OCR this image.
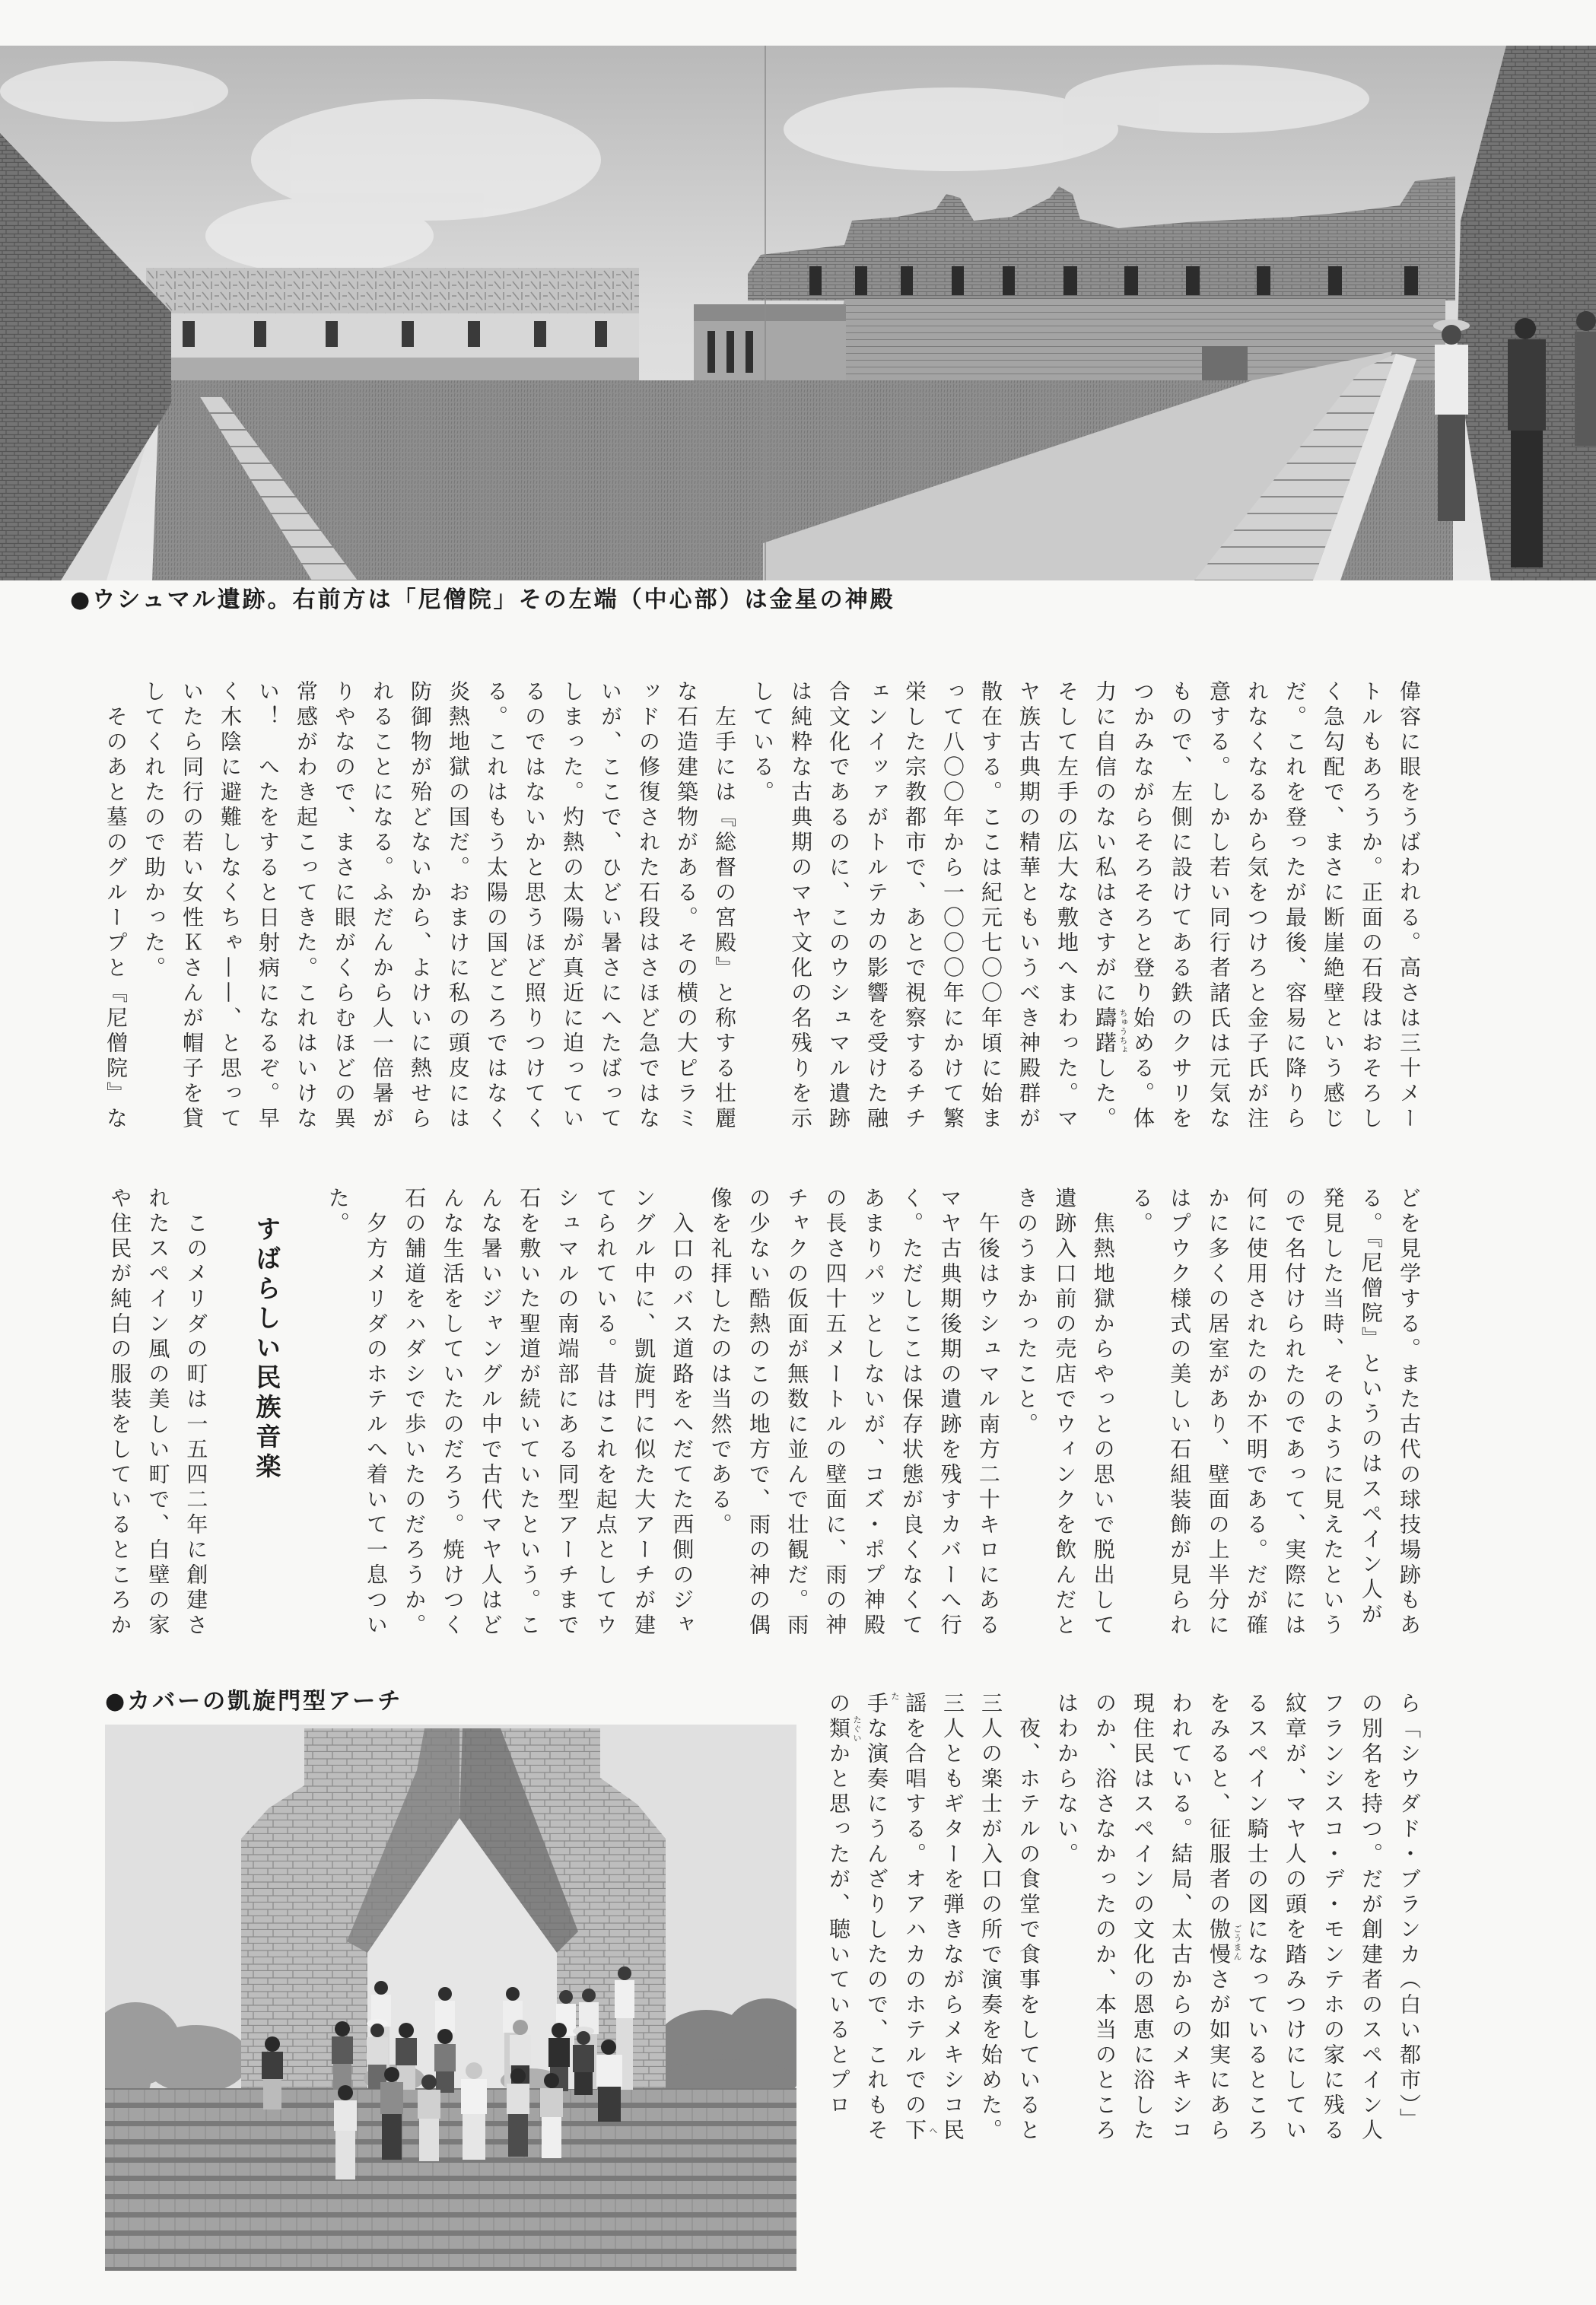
●ウシュマル遺跡。右前方は「尼僧院」その左端（中心部）は金星の神殿
偉容に眼をうばわれる。高さは三十メー
トルもあろうか。正面の石段はおそろし
く急勾配で、まさに断崖絶壁という感じ
だ。これを登ったが最後、容易に降りら
れなくなるから気をつけろと金子氏が注
意する。しかし若い同行者諸氏は元気な
もので、左側に設けてある鉄のクサリを
つかみながらそろそろと登り始める。体
力に自信のない私はさすがに躊躇 ちゅうちょ
した。
そして左手の広大な敷地へまわった。マ
ヤ族古典期の精華ともいうべき神殿群が
散在する。ここは紀元七〇〇年頃に始ま
って八〇〇年から一〇〇〇年にかけて繁
栄した宗教都市で、あとで視察するチチ
ェンイッァがトルテカの影響を受けた融
合文化であるのに、このウシュマル遺跡
は純粋な古典期のマヤ文化の名残りを示
している。
　左手には『総督の宮殿』と称する壮麗
な石造建築物がある。その横の大ピラミ
ッドの修復された石段はさほど急ではな
いが、ここで、ひどい暑さにへたばって
しまった。灼熱の太陽が真近に迫ってい
るのではないかと思うほど照りつけてく
る。これはもう太陽の国どころではなく
炎熱地獄の国だ。おまけに私の頭皮には
防御物が殆どないから、よけいに熱せら
れることになる。ふだんから人一倍暑が
りやなので、まさに眼がくらむほどの異
常感がわき起こってきた。これはいけな
い！　へたをすると日射病になるぞ。早
く木陰に避難しなくちゃ——、と思って
いたら同行の若い女性Ｋさんが帽子を貸
してくれたので助かった。
　そのあと墓のグループと『尼僧院』な
どを見学する。また古代の球技場跡もあ
る。『尼僧院』というのはスペイン人が
発見した当時、そのように見えたという
ので名付けられたのであって、実際には
何に使用されたのか不明である。だが確
かに多くの居室があり、壁面の上半分に
はプウク様式の美しい石組装飾が見られ
る。
　焦熱地獄からやっとの思いで脱出して
遺跡入口前の売店でウィンクを飲んだと
きのうまかったこと。
　午後はウシュマル南方二十キロにある
マヤ古典期後期の遺跡を残すカバーへ行
く。ただしここは保存状態が良くなくて
あまりパッとしないが、コズ・ポプ神殿
の長さ四十五メートルの壁面に、雨の神
チャクの仮面が無数に並んで壮観だ。雨
の少ない酷熱のこの地方で、雨の神の偶
像を礼拝したのは当然である。
　入口のバス道路をへだてた西側のジャ
ングル中に、凱旋門に似た大アーチが建
てられている。昔はこれを起点としてウ
シュマルの南端部にある同型アーチまで
石を敷いた聖道が続いていたという。こ
んな暑いジャングル中で古代マヤ人はど
んな生活をしていたのだろう。焼けつく
石の舗道をハダシで歩いたのだろうか。
　夕方メリダのホテルへ着いて一息つい
た。
すばらしい民族音楽
　このメリダの町は一五四二年に創建さ
れたスペイン風の美しい町で、白壁の家
や住民が純白の服装をしているところか
●カバーの凱旋門型アーチ	ら「シウダド・ブランカ（白い都市）」
の別名を持つ。だが創建者のスペイン人
フランシスコ・デ・モンテホの家に残る
紋章が、マヤ人の頭を踏みつけにしてい
るスペイン騎士の図になっているところ
をみると、征服者の傲慢 ごうまん
さが如実にあら
われている。結局、太古からのメキシコ
現住民はスペインの文化の恩恵に浴した
のか、浴さなかったのか、本当のところ
はわからない。
　夜、ホテルの食堂で食事をしていると
三人の楽士が入口の所で演奏を始めた。
三人ともギターを弾きながらメキシコ民
謡を合唱する。オアハカのホテルでの下 へ
手 た
な演奏にうんざりしたので、これもそ
の類 たぐい
かと思ったが、聴いているとプロ
